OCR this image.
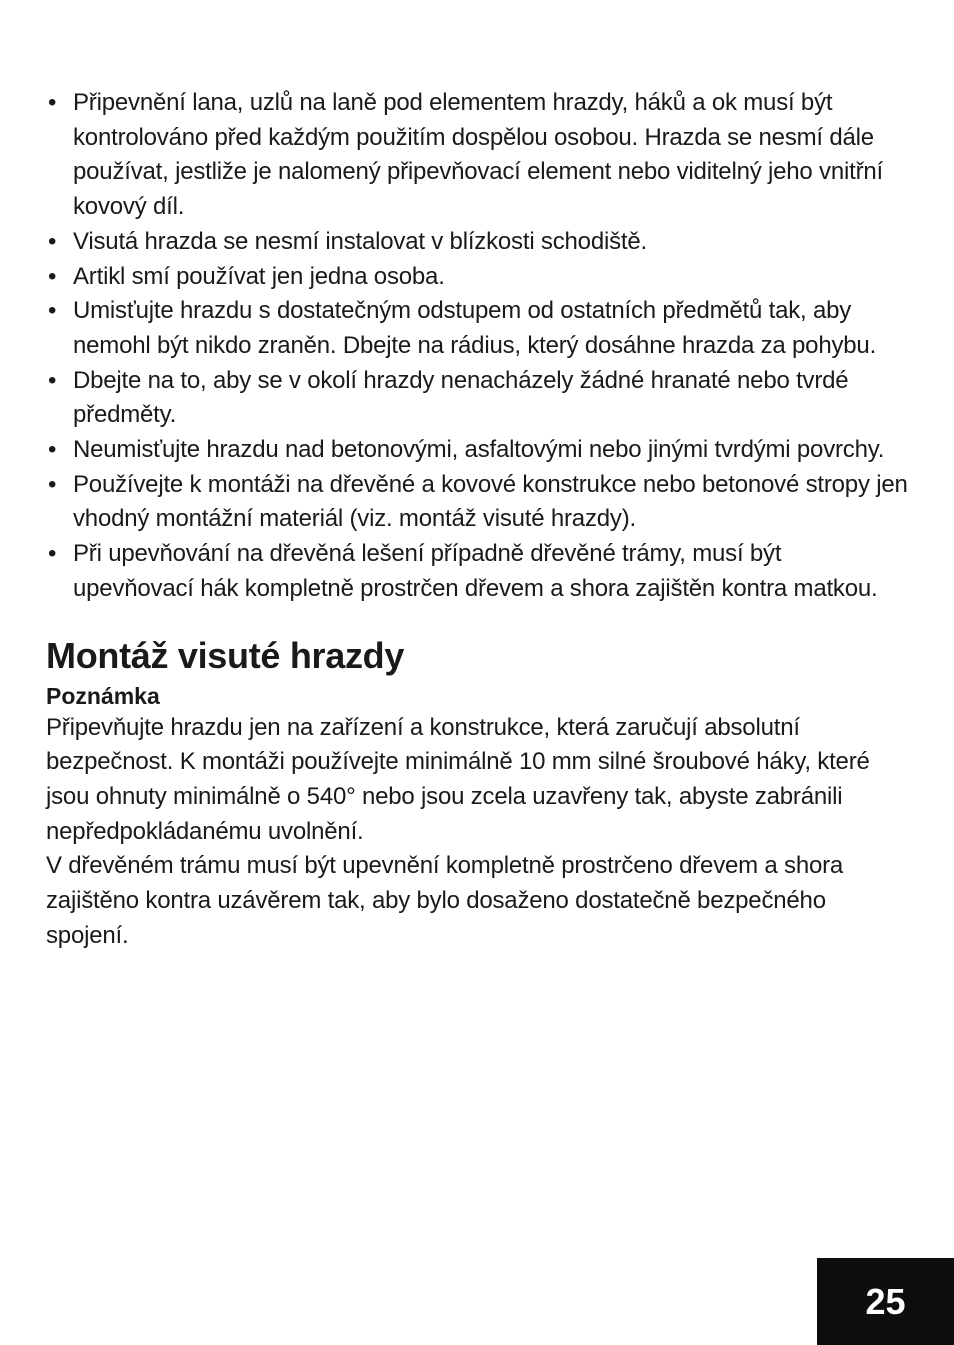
• Připevnění lana, uzlů na laně pod elementem hrazdy, háků a ok musí být kontrolováno před každým použitím dospělou osobou. Hrazda se nesmí dále používat, jestliže je nalomený připevňovací element nebo viditelný jeho vnitřní kovový díl.
• Visutá hrazda se nesmí instalovat v blízkosti schodiště.
• Artikl smí používat jen jedna osoba.
• Umisťujte hrazdu s dostatečným odstupem od ostatních předmětů tak, aby nemohl být nikdo zraněn. Dbejte na rádius, který dosáhne hrazda za pohybu.
• Dbejte na to, aby se v okolí hrazdy nenacházely žádné hranaté nebo tvrdé předměty.
• Neumisťujte hrazdu nad betonovými, asfaltovými nebo jinými tvrdými povrchy.
• Používejte k montáži na dřevěné a kovové konstrukce nebo betonové stropy jen vhodný montážní materiál (viz. montáž visuté hrazdy).
• Při upevňování na dřevěná lešení případně dřevěné trámy, musí být upevňovací hák kompletně prostrčen dřevem a shora zajištěn kontra matkou.
Montáž visuté hrazdy
Poznámka

Připevňujte hrazdu jen na zařízení a konstrukce, která zaručují absolutní bezpečnost. K montáži používejte minimálně 10 mm silné šroubové háky, které jsou ohnuty minimálně o 540° nebo jsou zcela uzavřeny tak, abyste zabránili nepředpokládanému uvolnění.

V dřevěném trámu musí být upevnění kompletně prostrčeno dřevem a shora zajištěno kontra uzávěrem tak, aby bylo dosaženo dostatečně bezpečného spojení.

25
